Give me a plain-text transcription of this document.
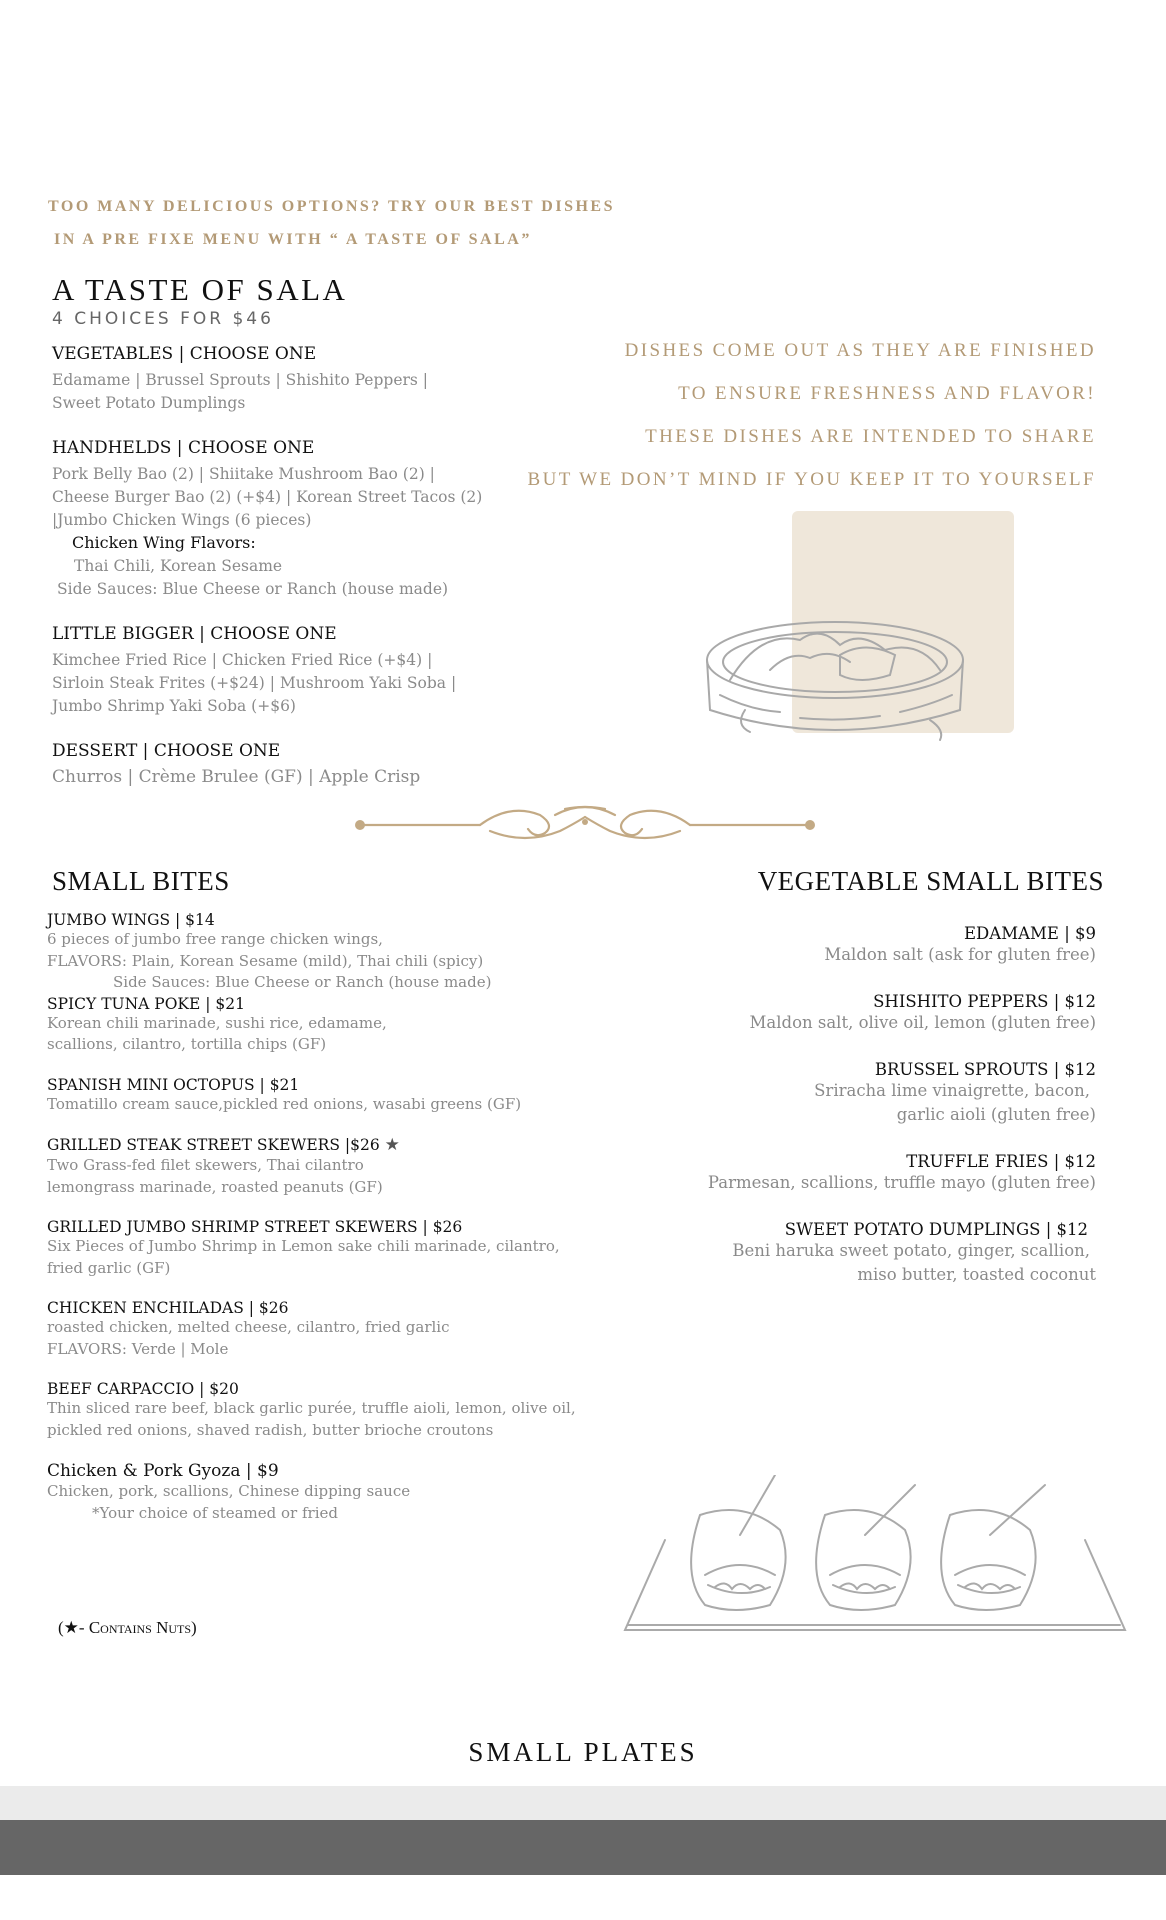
TOO MANY DELICIOUS OPTIONS? TRY OUR BEST DISHES
IN A PRE FIXE MENU WITH “ A TASTE OF SALA”
A TASTE OF SALA
4 CHOICES FOR $46
VEGETABLES | CHOOSE ONE
Edamame | Brussel Sprouts | Shishito Peppers |
Sweet Potato Dumplings
HANDHELDS | CHOOSE ONE
Pork Belly Bao (2) | Shiitake Mushroom Bao (2) |
Cheese Burger Bao (2) (+$4) | Korean Street Tacos (2)
|Jumbo Chicken Wings (6 pieces)
Chicken Wing Flavors:
Thai Chili, Korean Sesame
Side Sauces: Blue Cheese or Ranch (house made)
LITTLE BIGGER | CHOOSE ONE
Kimchee Fried Rice | Chicken Fried Rice (+$4) |
Sirloin Steak Frites (+$24) | Mushroom Yaki Soba |
Jumbo Shrimp Yaki Soba (+$6)
DESSERT | CHOOSE ONE
Churros | Crème Brulee (GF) | Apple Crisp
DISHES COME OUT AS THEY ARE FINISHED
TO ENSURE FRESHNESS AND FLAVOR!
THESE DISHES ARE INTENDED TO SHARE
BUT WE DON’T MIND IF YOU KEEP IT TO YOURSELF
SMALL BITES
JUMBO WINGS | $14
6 pieces of jumbo free range chicken wings,
FLAVORS: Plain, Korean Sesame (mild), Thai chili (spicy)
Side Sauces: Blue Cheese or Ranch (house made)
SPICY TUNA POKE | $21
Korean chili marinade, sushi rice, edamame,
scallions, cilantro, tortilla chips (GF)
SPANISH MINI OCTOPUS | $21
Tomatillo cream sauce,pickled red onions, wasabi greens (GF)
GRILLED STEAK STREET SKEWERS |$26 ★
Two Grass-fed filet skewers, Thai cilantro
lemongrass marinade, roasted peanuts (GF)
GRILLED JUMBO SHRIMP STREET SKEWERS | $26
Six Pieces of Jumbo Shrimp in Lemon sake chili marinade, cilantro,
fried garlic (GF)
CHICKEN ENCHILADAS | $26
roasted chicken, melted cheese, cilantro, fried garlic
FLAVORS: Verde | Mole
BEEF CARPACCIO | $20
Thin sliced rare beef, black garlic purée, truffle aioli, lemon, olive oil,
pickled red onions, shaved radish, butter brioche croutons
Chicken & Pork Gyoza | $9
Chicken, pork, scallions, Chinese dipping sauce
*Your choice of steamed or fried
(★- Contains Nuts)
VEGETABLE SMALL BITES
EDAMAME | $9
Maldon salt (ask for gluten free)
SHISHITO PEPPERS | $12
Maldon salt, olive oil, lemon (gluten free)
BRUSSEL SPROUTS | $12
Sriracha lime vinaigrette, bacon,
garlic aioli (gluten free)
TRUFFLE FRIES | $12
Parmesan, scallions, truffle mayo (gluten free)
SWEET POTATO DUMPLINGS | $12
Beni haruka sweet potato, ginger, scallion,
miso butter, toasted coconut
SMALL PLATES
